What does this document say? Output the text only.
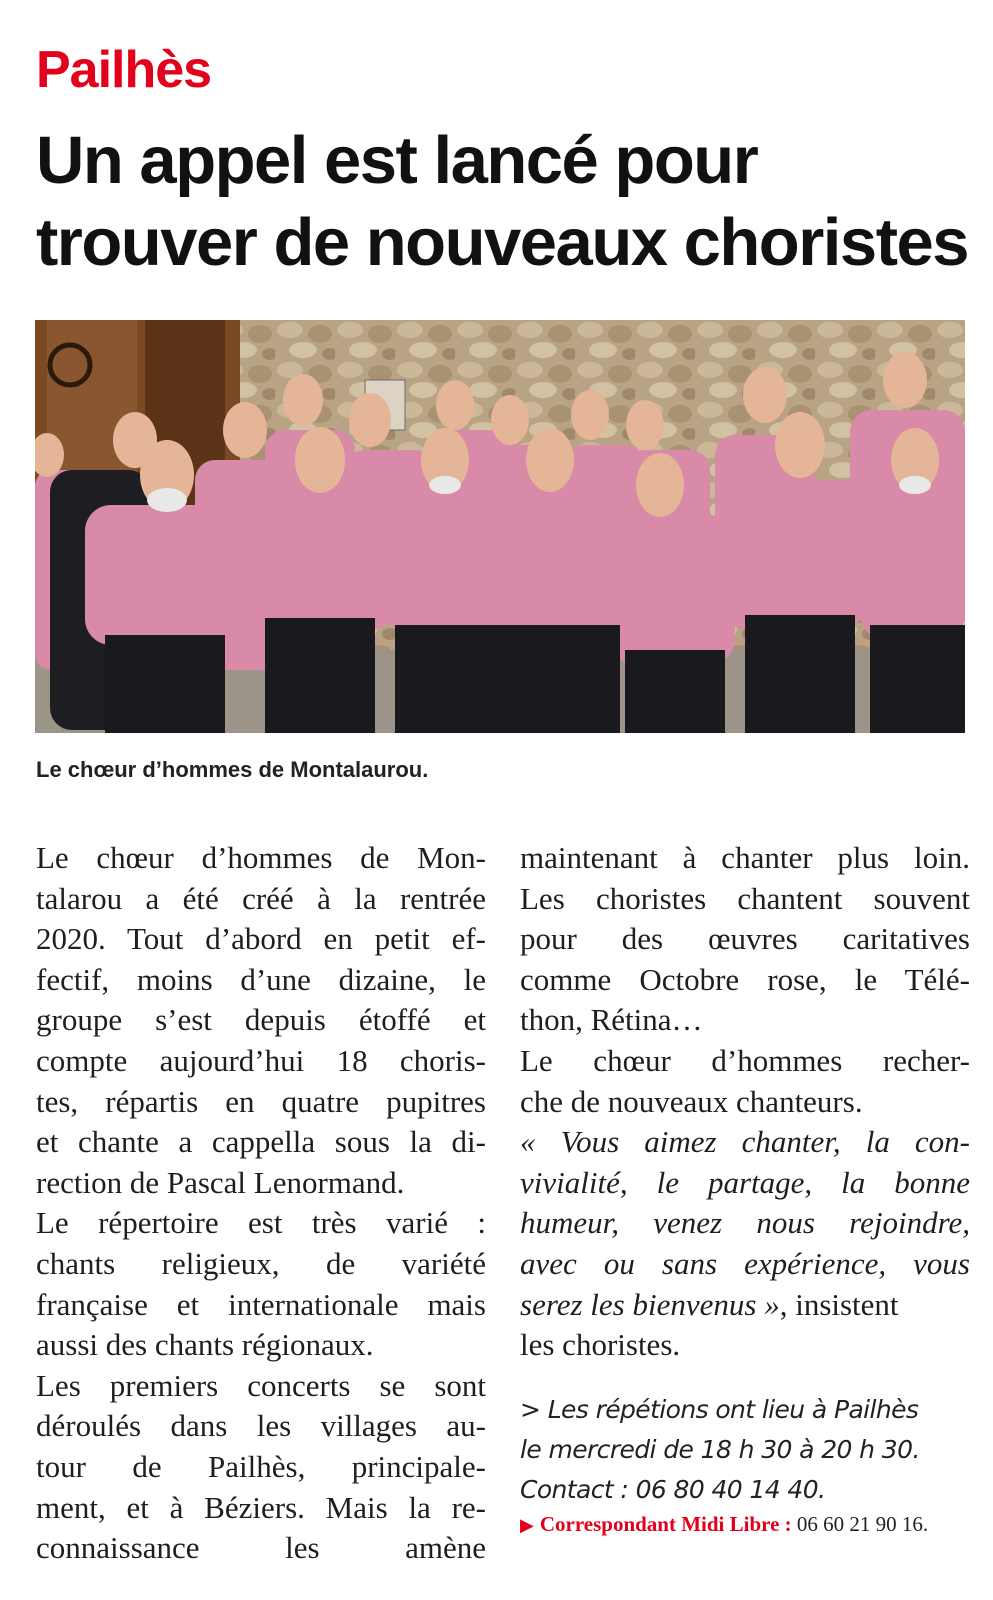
Pailhès
Un appel est lancé pour
trouver de nouveaux choristes
Le chœur d’hommes de Montalaurou.
Le chœur d’hommes de Mon-
talarou a été créé à la rentrée
2020. Tout d’abord en petit ef-
fectif, moins d’une dizaine, le
groupe s’est depuis étoffé et
compte aujourd’hui 18 choris-
tes, répartis en quatre pupitres
et chante a cappella sous la di-
rection de Pascal Lenormand.
Le répertoire est très varié :
chants religieux, de variété
française et internationale mais
aussi des chants régionaux.
Les premiers concerts se sont
déroulés dans les villages au-
tour de Pailhès, principale-
ment, et à Béziers. Mais la re-
connaissance les amène
maintenant à chanter plus loin.
Les choristes chantent souvent
pour des œuvres caritatives
comme Octobre rose, le Télé-
thon, Rétina…
Le chœur d’hommes recher-
che de nouveaux chanteurs.
« Vous aimez chanter, la con-
vivialité, le partage, la bonne
humeur, venez nous rejoindre,
avec ou sans expérience, vous
serez les bienvenus », insistent
les choristes.
> Les répétions ont lieu à Pailhès
le mercredi de 18 h 30 à 20 h 30.
Contact : 06 80 40 14 40.
▶ Correspondant Midi Libre : 06 60 21 90 16.
